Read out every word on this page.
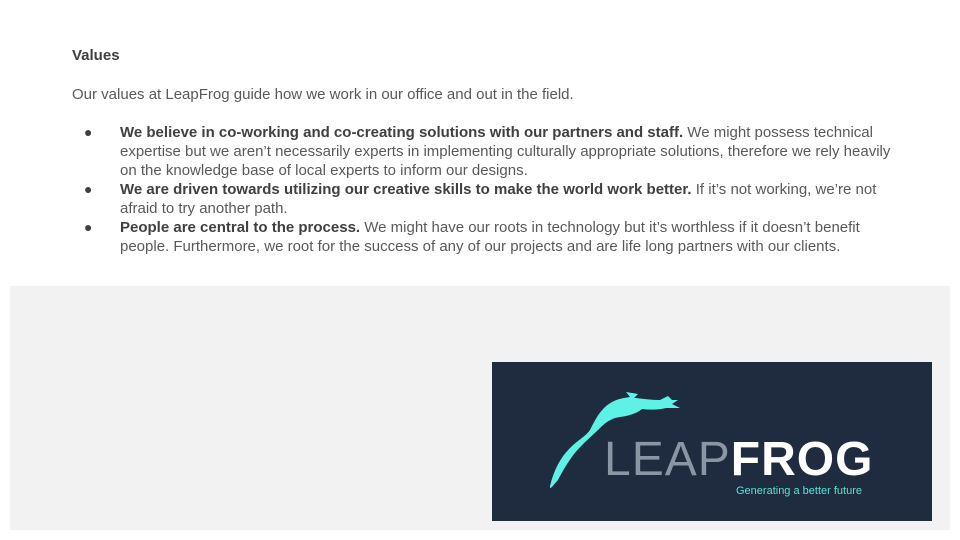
Values
Our values at LeapFrog guide how we work in our office and out in the field.
● We believe in co-working and co-creating solutions with our partners and staff. We might possess technical expertise but we aren’t necessarily experts in implementing culturally appropriate solutions, therefore we rely heavily on the knowledge base of local experts to inform our designs.
● We are driven towards utilizing our creative skills to make the world work better. If it’s not working, we’re not afraid to try another path.
● People are central to the process. We might have our roots in technology but it’s worthless if it doesn’t benefit people. Furthermore, we root for the success of any of our projects and are life long partners with our clients.
LEAPFROG
Generating a better future
